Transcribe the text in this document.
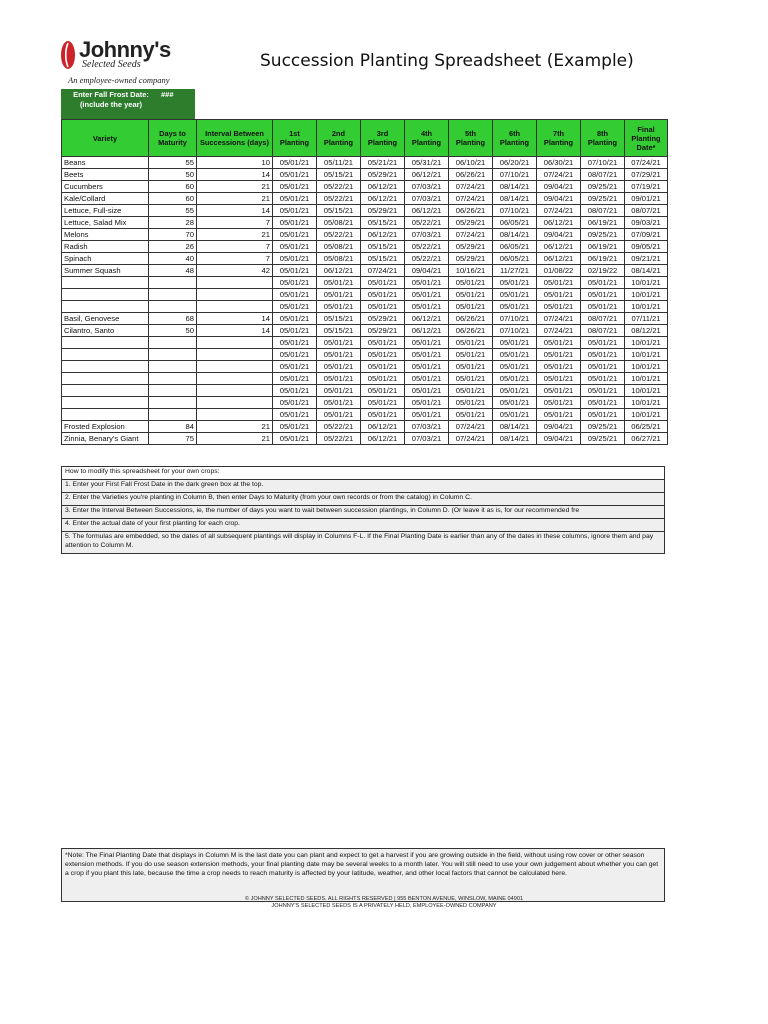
Johnny's
Selected Seeds
An employee-owned company
Succession Planting Spreadsheet (Example)
Enter Fall Frost Date: (include the year)
###
Variety	Days to Maturity	Interval Between Successions (days)	1st Planting	2nd Planting	3rd Planting	4th Planting	5th Planting	6th Planting	7th Planting	8th Planting	Final Planting Date*
Beans	55	10	05/01/21	05/11/21	05/21/21	05/31/21	06/10/21	06/20/21	06/30/21	07/10/21	07/24/21
Beets	50	14	05/01/21	05/15/21	05/29/21	06/12/21	06/26/21	07/10/21	07/24/21	08/07/21	07/29/21
Cucumbers	60	21	05/01/21	05/22/21	06/12/21	07/03/21	07/24/21	08/14/21	09/04/21	09/25/21	07/19/21
Kale/Collard	60	21	05/01/21	05/22/21	06/12/21	07/03/21	07/24/21	08/14/21	09/04/21	09/25/21	09/01/21
Lettuce, Full-size	55	14	05/01/21	05/15/21	05/29/21	06/12/21	06/26/21	07/10/21	07/24/21	08/07/21	08/07/21
Lettuce, Salad Mix	28	7	05/01/21	05/08/21	05/15/21	05/22/21	05/29/21	06/05/21	06/12/21	06/19/21	09/03/21
Melons	70	21	05/01/21	05/22/21	06/12/21	07/03/21	07/24/21	08/14/21	09/04/21	09/25/21	07/09/21
Radish	26	7	05/01/21	05/08/21	05/15/21	05/22/21	05/29/21	06/05/21	06/12/21	06/19/21	09/05/21
Spinach	40	7	05/01/21	05/08/21	05/15/21	05/22/21	05/29/21	06/05/21	06/12/21	06/19/21	09/21/21
Summer Squash	48	42	05/01/21	06/12/21	07/24/21	09/04/21	10/16/21	11/27/21	01/08/22	02/19/22	08/14/21
			05/01/21	05/01/21	05/01/21	05/01/21	05/01/21	05/01/21	05/01/21	05/01/21	10/01/21
			05/01/21	05/01/21	05/01/21	05/01/21	05/01/21	05/01/21	05/01/21	05/01/21	10/01/21
			05/01/21	05/01/21	05/01/21	05/01/21	05/01/21	05/01/21	05/01/21	05/01/21	10/01/21
Basil, Genovese	68	14	05/01/21	05/15/21	05/29/21	06/12/21	06/26/21	07/10/21	07/24/21	08/07/21	07/11/21
Cilantro, Santo	50	14	05/01/21	05/15/21	05/29/21	06/12/21	06/26/21	07/10/21	07/24/21	08/07/21	08/12/21
			05/01/21	05/01/21	05/01/21	05/01/21	05/01/21	05/01/21	05/01/21	05/01/21	10/01/21
			05/01/21	05/01/21	05/01/21	05/01/21	05/01/21	05/01/21	05/01/21	05/01/21	10/01/21
			05/01/21	05/01/21	05/01/21	05/01/21	05/01/21	05/01/21	05/01/21	05/01/21	10/01/21
			05/01/21	05/01/21	05/01/21	05/01/21	05/01/21	05/01/21	05/01/21	05/01/21	10/01/21
			05/01/21	05/01/21	05/01/21	05/01/21	05/01/21	05/01/21	05/01/21	05/01/21	10/01/21
			05/01/21	05/01/21	05/01/21	05/01/21	05/01/21	05/01/21	05/01/21	05/01/21	10/01/21
			05/01/21	05/01/21	05/01/21	05/01/21	05/01/21	05/01/21	05/01/21	05/01/21	10/01/21
Frosted Explosion	84	21	05/01/21	05/22/21	06/12/21	07/03/21	07/24/21	08/14/21	09/04/21	09/25/21	06/25/21
Zinnia, Benary's Giant	75	21	05/01/21	05/22/21	06/12/21	07/03/21	07/24/21	08/14/21	09/04/21	09/25/21	06/27/21
How to modify this spreadsheet for your own crops:
1. Enter your First Fall Frost Date in the dark green box at the top.
2. Enter the Varieties you're planting in Column B, then enter Days to Maturity (from your own records or from the catalog) in Column C.
3. Enter the Interval Between Successions, ie, the number of days you want to wait between succession plantings, in Column D. (Or leave it as is, for our recommended fre
4. Enter the actual date of your first planting for each crop.
5. The formulas are embedded, so the dates of all subsequent plantings will display in Columns F-L. If the Final Planting Date is earlier than any of the dates in these columns, ignore them and pay attention to Column M.
*Note: The Final Planting Date that displays in Column M is the last date you can plant and expect to get a harvest if you are growing outside in the field, without using row cover or other season extension methods. If you do use season extension methods, your final planting date may be several weeks to a month later. You will still need to use your own judgement about whether you can get a crop if you plant this late, because the time a crop needs to reach maturity is affected by your latitude, weather, and other local factors that cannot be calculated here.
© JOHNNY SELECTED SEEDS. ALL RIGHTS RESERVED | 955 BENTON AVENUE, WINSLOW, MAINE 04901
JOHNNY'S SELECTED SEEDS IS A PRIVATELY HELD, EMPLOYEE-OWNED COMPANY
